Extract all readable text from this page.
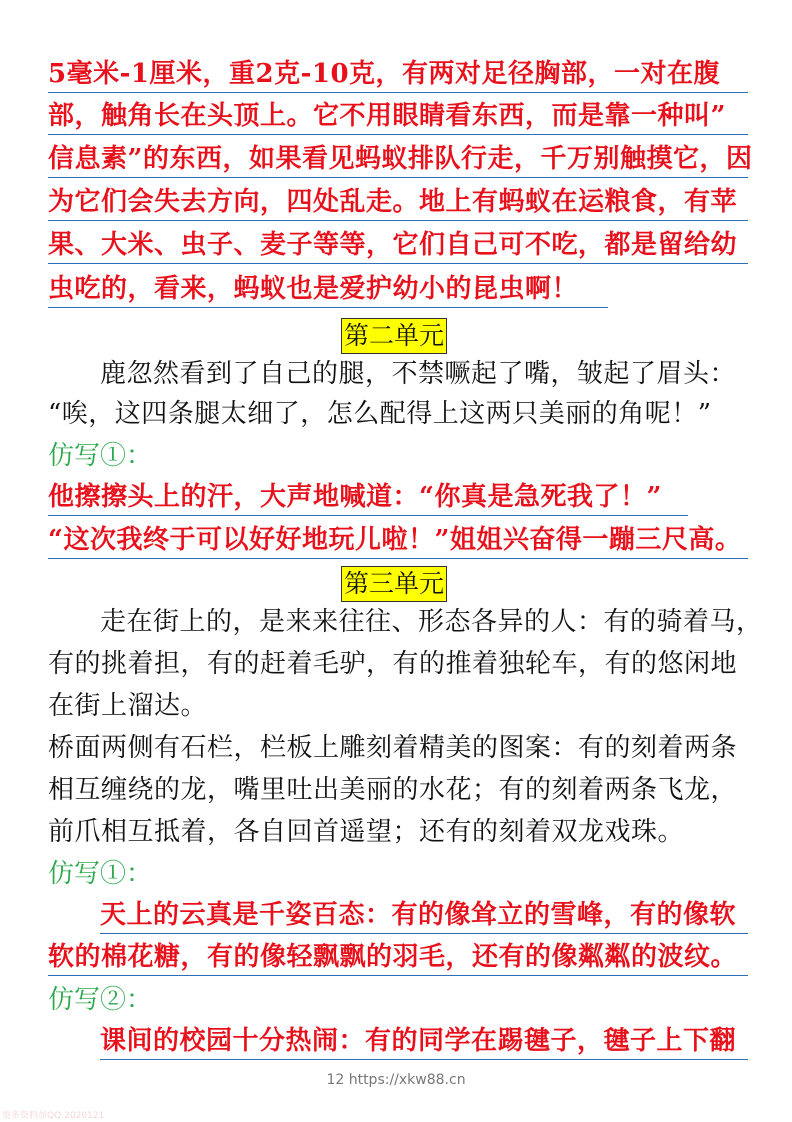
5毫米-1厘米，重2克-10克，有两对足径胸部，一对在腹
部，触角长在头顶上。它不用眼睛看东西，而是靠一种叫”
信息素”的东西，如果看见蚂蚁排队行走，千万别触摸它，因
为它们会失去方向，四处乱走。地上有蚂蚁在运粮食，有苹
果、大米、虫子、麦子等等，它们自己可不吃，都是留给幼
虫吃的，看来，蚂蚁也是爱护幼小的昆虫啊！
第二单元
鹿忽然看到了自己的腿，不禁噘起了嘴，皱起了眉头：
“唉，这四条腿太细了，怎么配得上这两只美丽的角呢！”
仿写①：
他擦擦头上的汗，大声地喊道：“你真是急死我了！”
“这次我终于可以好好地玩儿啦！”姐姐兴奋得一蹦三尺高。
第三单元
走在街上的，是来来往往、形态各异的人：有的骑着马，
有的挑着担，有的赶着毛驴，有的推着独轮车，有的悠闲地
在街上溜达。
桥面两侧有石栏，栏板上雕刻着精美的图案：有的刻着两条
相互缠绕的龙，嘴里吐出美丽的水花；有的刻着两条飞龙，
前爪相互抵着，各自回首遥望；还有的刻着双龙戏珠。
仿写①：
天上的云真是千姿百态：有的像耸立的雪峰，有的像软
软的棉花糖，有的像轻飘飘的羽毛，还有的像粼粼的波纹。
仿写②：
课间的校园十分热闹：有的同学在踢毽子，毽子上下翻
12 https://xkw88.cn
更多资料加QQ:2020121
